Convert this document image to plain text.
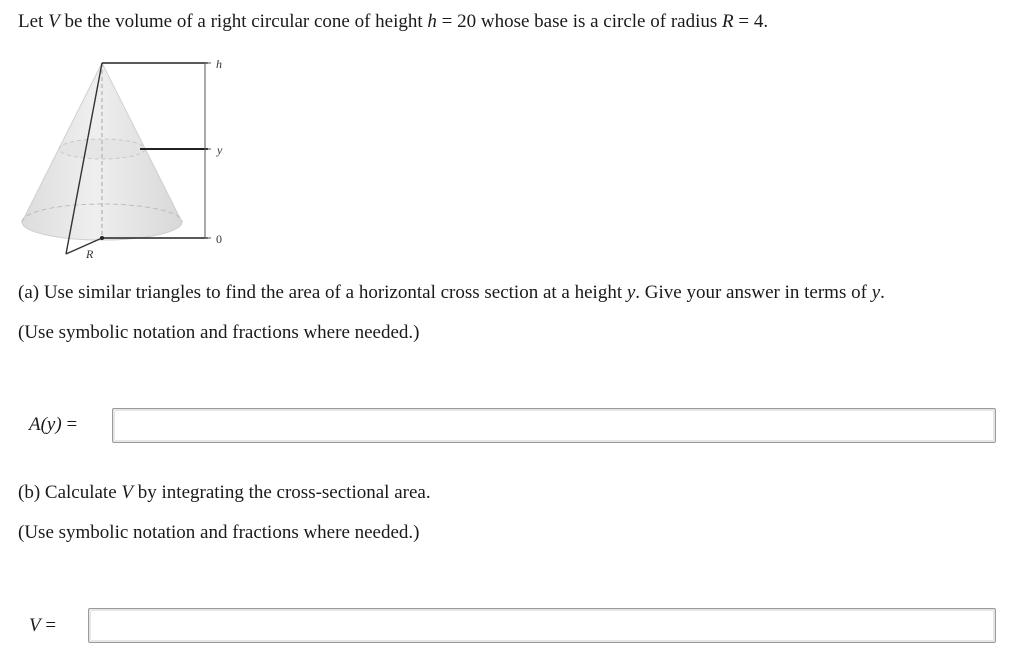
Let V be the volume of a right circular cone of height h = 20 whose base is a circle of radius R = 4.
h
y
0
R
(a) Use similar triangles to find the area of a horizontal cross section at a height y. Give your answer in terms of y.
(Use symbolic notation and fractions where needed.)
A(y) =
(b) Calculate V by integrating the cross-sectional area.
(Use symbolic notation and fractions where needed.)
V =
